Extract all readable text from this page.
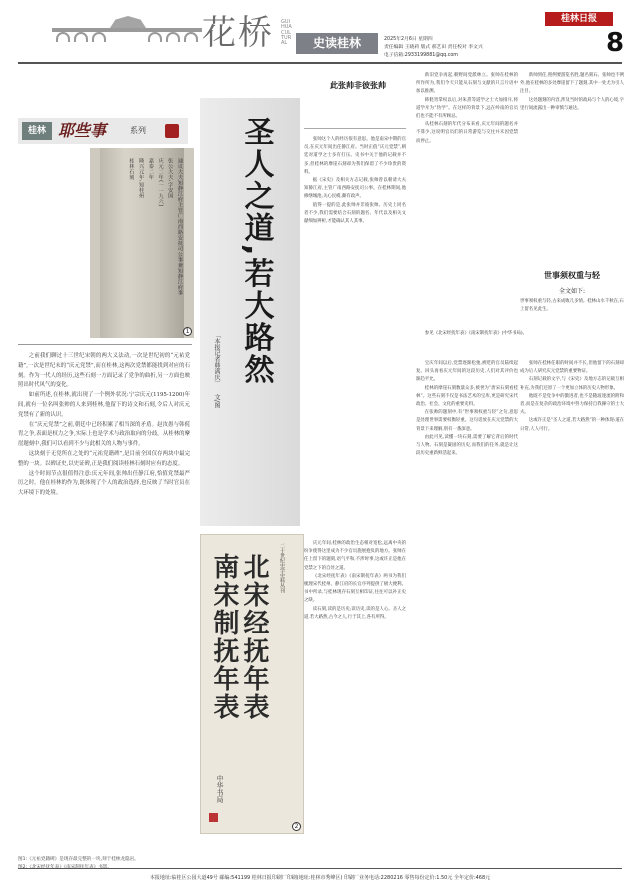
花桥 GUIHUA CULTURAL	史读桂林	2025年2月6日 星期四
责任编辑 王晓莉 版式 郝艺田 责任校对 李文兴
电子信箱:2933199881@qq.com
桂林日报
8
桂林 耶些事	系列
通议大夫知静江府主管广南西路安抚司公事兼知静江府事
张公大夫,字安国
庆元二年(一一九六)
嘉泰二年
隆兴元年,知桂州
桂林石刻
1

之前我们聊过十三世纪宋朝的两大义法动,一次是世纪初的“元祐党籍”,一次是世纪末的“庆元党禁”,而在桂林,这两次党禁都能找到对应的石刻。作为一代人的经历,这些石刻一方面记录了党争的曲折,另一方面也映照出时代风气的变化。

如前所述,在桂林,就出现了一个例外状况:宁宗庆元(1195-1200)年间,就有一位名叫张帅的人来到桂林,他留下的诗文和石刻,令后人对庆元党禁有了新的认识。

在“庆元党禁”之前,朝廷中已经积累了相当深的矛盾。赵汝愚与韩侂胄之争,表面是权力之争,实际上也是学术与政治取向的分歧。从桂林的摩崖题刻中,我们可以看到不少与此相关的人物与事件。

这块刻于无党所在之处的“元祐党籍碑”,是目前全国仅存两块中最完整的一块。以碑证史,以史证碑,正是我们阅读桂林石刻时应有的态度。

这个时间节点很值得注意:庆元年间,张帅出任静江府,恰值党禁最严厉之时。他在桂林的作为,既体现了个人的政治选择,也反映了当时官员在大环境下的处境。

图1:《元祐党籍碑》是现存最完整的一块,刻于桂林龙隐岩。
圣人之道,若大路然
「本报记者韩满庆〕 文/图
此张帅非彼张帅

张帅这个人的经历很有意思。他是南宋中期的官员,在庆元年间出任静江府。当时正值“庆元党禁”,朝廷对道学之士多有打压。史书中关于他的记载并不多,但桂林的摩崖石刻却为我们保留了不少珍贵的资料。

据《宋史》及相关方志记载,张帅曾以朝请大夫知静江府,主管广南西路安抚司公事。在桂林期间,他修缮城池,关心民瘼,颇有政声。

值得一提的是,此张帅并非彼张帅。历史上同名者不少,我们需要结合石刻的题名、年代以及相关文献细加辨析,才能确认其人其事。

庆元年间,桂林的政治生态相对宽松,远离中央的纷争使得这里成为不少官员施展抱负的地方。张帅在任上留下的题刻,语气平和,不涉时事,这或许正是他在党禁之下的自处之道。

《北宋经抚年表》《南宋制抚年表》两书为我们梳理宋代桂州、静江府的长官序列提供了极大便利。书中所录,与桂林现存石刻互相印证,往往可以补正史之缺。

读石刻,读的是历史;读历史,读的是人心。圣人之道,若大路然,古今之人,行于其上,各有所得。

二十世纪史学史料丛刊
北宋经抚年表
南宋制抚年表
中华书局
2

新旧党争再起,朝野间党派林立。张帅在桂林的所作所为,我们今天只能从石刻与文献的只言片语中加以推测。

韩侂胄掌权以后,对朱熹等道学之士大加排斥,将道学斥为“伪学”。在这样的背景下,远在岭南的官员们也不能不有所顾忌。

从桂林石刻的年代分布来看,庆元年间的题名并不算少,这说明官员们的日常游览与交往并未因党禁而停止。

新帅到任,照例要游览名胜,题名刻石。张帅也不例外,他在桂林的多处摩崖留下了题刻,其中一处尤为引人注目。

这处题刻的内容,涉及当时的政局与个人的心境,字里行间流露出一种审慎与通达。

世事须权重与轻
全文如下:
世事须权重与轻,古来成败几多情。桂林山水千秋在,石上留名见此生。
参见《北宋经抚年表》《南宋制抚年表》(中华书局)。

宝庆年间以后,党禁逐渐松弛,被贬的官员陆续起复。回头再看庆元年间的这段历史,人们对其评价也渐趋平允。

桂林的摩崖石刻数量众多,被誉为“唐宋石刻看桂林”。这些石刻不仅是书法艺术的宝库,更是研究宋代政治、社会、文化的重要史料。

在张帅的题刻中,有“世事须权重与轻”之句,意思是处理世事需要权衡轻重。这句话放在庆元党禁的大背景下来理解,别有一番深意。

由此可见,读懂一块石刻,需要了解它背后的时代与人物。石刻是凝固的历史,而我们的任务,就是让这段历史重新鲜活起来。

张帅在桂林任职的时间并不长,但他留下的石刻却成为后人研究庆元党禁的重要物证。

石刻记载的文字,与《宋史》及地方志的记载互相补充,为我们还原了一个更加立体的历史人物形象。

他既不是党争中的激进者,也不是随波逐流的附和者,而是在复杂的政治环境中努力保持自我操守的士大夫。

这或许正是“圣人之道,若大路然”的一种体现:道在日常,人人可行。

本报地址:临桂区公园大道49号 邮编:541199 桂林日报印刷厂印刷(地址:桂林市秀峰区) 印刷厂业务电话:2280216 零售每份定价:1.50元 全年定价:468元
